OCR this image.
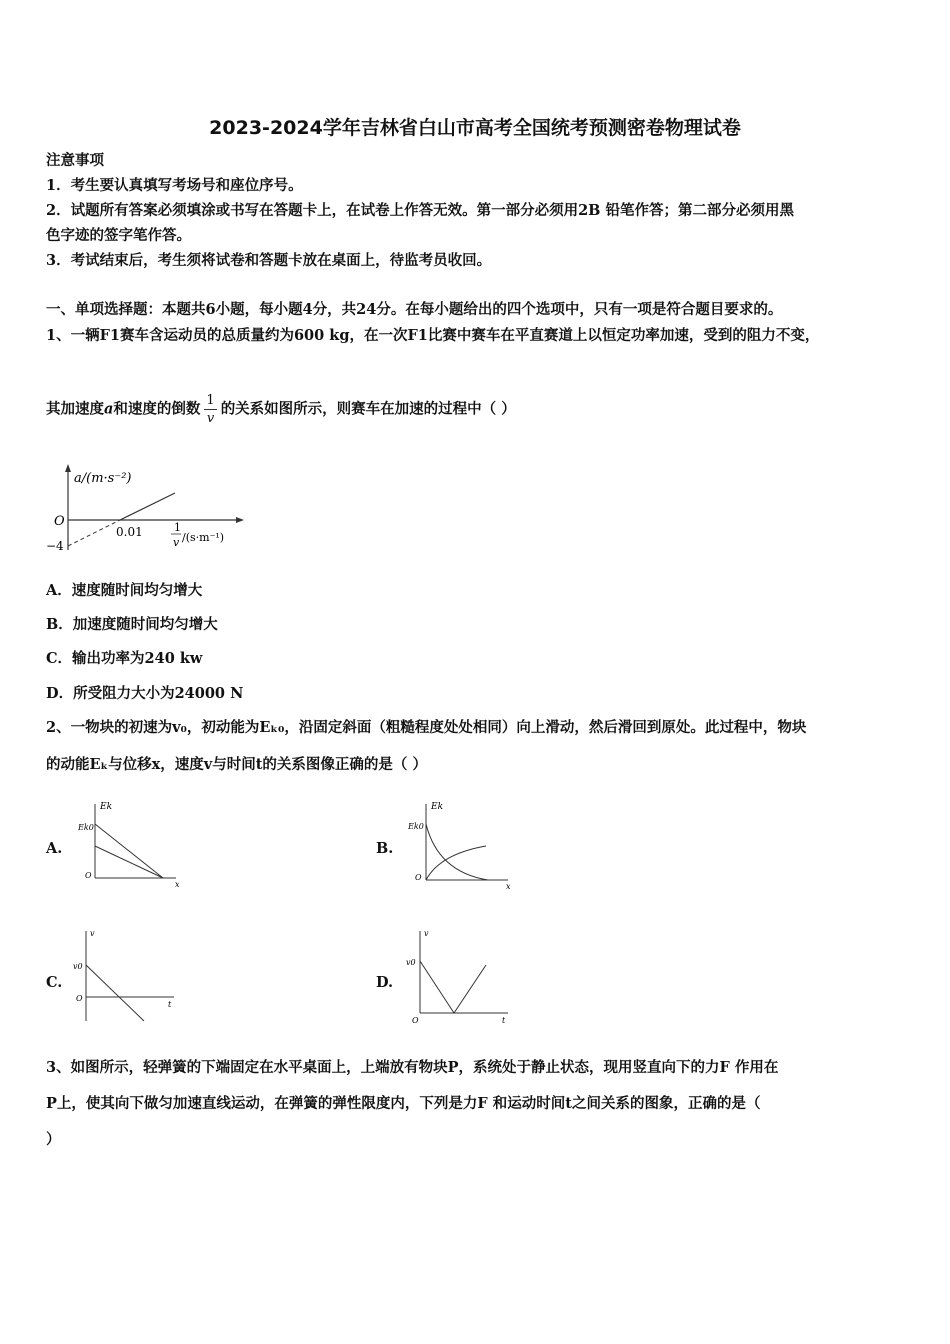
2023-2024学年吉林省白山市高考全国统考预测密卷物理试卷
注意事项
1．考生要认真填写考场号和座位序号。
2．试题所有答案必须填涂或书写在答题卡上，在试卷上作答无效。第一部分必须用2B 铅笔作答；第二部分必须用黑
色字迹的签字笔作答。
3．考试结束后，考生须将试卷和答题卡放在桌面上，待监考员收回。
一、单项选择题：本题共6小题，每小题4分，共24分。在每小题给出的四个选项中，只有一项是符合题目要求的。
1、一辆F1赛车含运动员的总质量约为600 kg，在一次F1比赛中赛车在平直赛道上以恒定功率加速，受到的阻力不变，
其加速度a和速度的倒数 $\frac{1}{v}$ 的关系如图所示，则赛车在加速的过程中（ ）
a/(m·s⁻²)
O
−4
0.01	1
v /(s·m⁻¹)
A．速度随时间均匀增大
B．加速度随时间均匀增大
C．输出功率为240 kw
D．所受阻力大小为24000 N
2、一物块的初速为v₀，初动能为Eₖ₀，沿固定斜面（粗糙程度处处相同）向上滑动，然后滑回到原处。此过程中，物块
的动能Eₖ与位移x，速度v与时间t的关系图像正确的是（ ）
A.
Ek
Ek0
O
x
B.
Ek
Ek0
O
x
C.
v
v0
O
t
D.
v
v0
O	t
3、如图所示，轻弹簧的下端固定在水平桌面上，上端放有物块P，系统处于静止状态，现用竖直向下的力F 作用在
P上，使其向下做匀加速直线运动，在弹簧的弹性限度内，下列是力F 和运动时间t之间关系的图象，正确的是（
）
